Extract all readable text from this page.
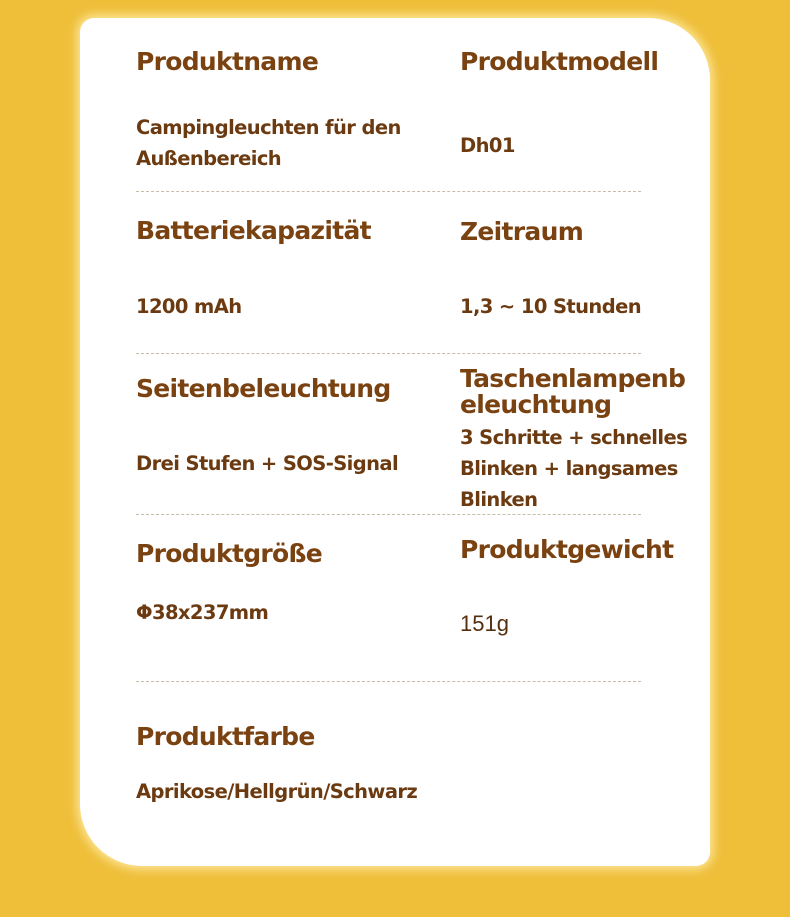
Produktname
Campingleuchten für den Außenbereich
Produktmodell
Dh01
Batteriekapazität
1200 mAh
Zeitraum
1,3 ~ 10 Stunden
Seitenbeleuchtung
Drei Stufen + SOS-Signal
Taschenlampenbeleuchtung
3 Schritte + schnelles Blinken + langsames Blinken
Produktgröße
Φ38x237mm
Produktgewicht
151g
Produktfarbe
Aprikose/Hellgrün/Schwarz
